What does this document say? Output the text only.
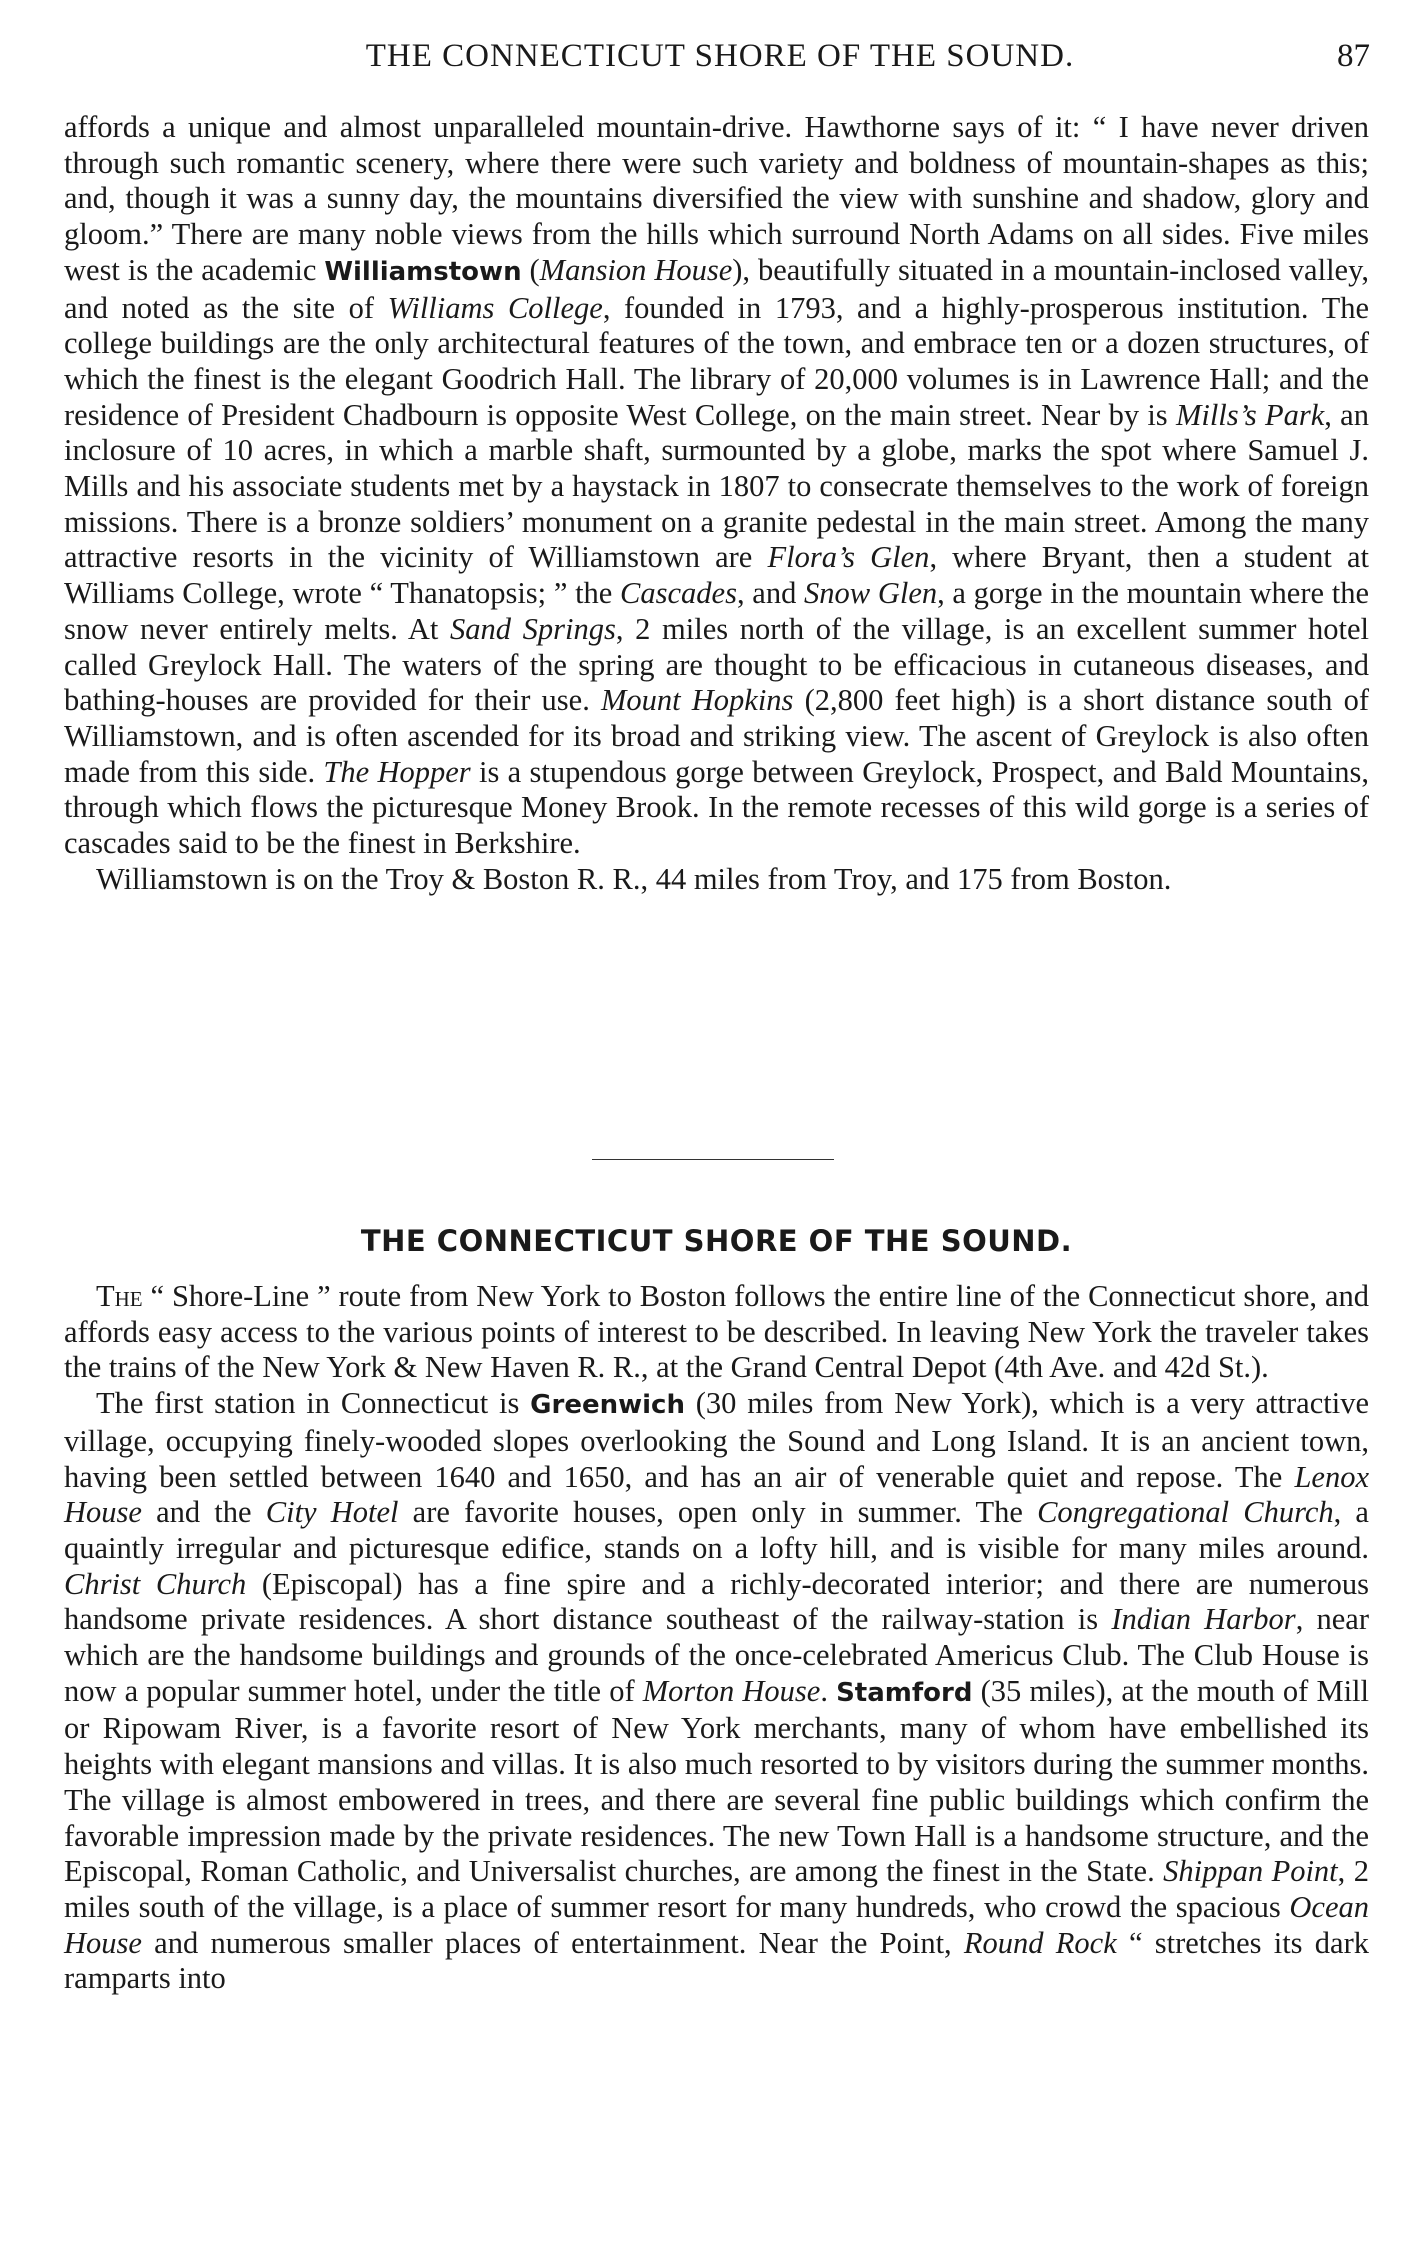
THE CONNECTICUT SHORE OF THE SOUND.	87

affords a unique and almost unparalleled mountain-drive. Hawthorne says of it: “ I have never driven through such romantic scenery, where there were such variety and boldness of mountain-shapes as this; and, though it was a sunny day, the mountains diversified the view with sunshine and shadow, glory and gloom.” There are many noble views from the hills which surround North Adams on all sides. Five miles west is the academic Williamstown (Mansion House), beautifully situated in a mountain-inclosed valley, and noted as the site of Williams College, founded in 1793, and a highly-prosperous institution. The college buildings are the only architectural features of the town, and embrace ten or a dozen structures, of which the finest is the elegant Goodrich Hall. The library of 20,000 volumes is in Lawrence Hall; and the residence of President Chadbourn is opposite West College, on the main street. Near by is Mills’s Park, an inclosure of 10 acres, in which a marble shaft, surmounted by a globe, marks the spot where Samuel J. Mills and his associate students met by a haystack in 1807 to consecrate themselves to the work of foreign missions. There is a bronze soldiers’ monument on a granite pedestal in the main street. Among the many attractive resorts in the vicinity of Williamstown are Flora’s Glen, where Bryant, then a student at Williams College, wrote “ Thanatopsis; ” the Cascades, and Snow Glen, a gorge in the mountain where the snow never entirely melts. At Sand Springs, 2 miles north of the village, is an excellent summer hotel called Greylock Hall. The waters of the spring are thought to be efficacious in cutaneous diseases, and bathing-houses are provided for their use. Mount Hopkins (2,800 feet high) is a short distance south of Williamstown, and is often ascended for its broad and striking view. The ascent of Greylock is also often made from this side. The Hopper is a stupendous gorge between Greylock, Prospect, and Bald Mountains, through which flows the picturesque Money Brook. In the remote recesses of this wild gorge is a series of cascades said to be the finest in Berkshire.

Williamstown is on the Troy & Boston R. R., 44 miles from Troy, and 175 from Boston.

THE CONNECTICUT SHORE OF THE SOUND.

The “ Shore-Line ” route from New York to Boston follows the entire line of the Connecticut shore, and affords easy access to the various points of interest to be described. In leaving New York the traveler takes the trains of the New York & New Haven R. R., at the Grand Central Depot (4th Ave. and 42d St.).

The first station in Connecticut is Greenwich (30 miles from New York), which is a very attractive village, occupying finely-wooded slopes overlooking the Sound and Long Island. It is an ancient town, having been settled between 1640 and 1650, and has an air of venerable quiet and repose. The Lenox House and the City Hotel are favorite houses, open only in summer. The Congregational Church, a quaintly irregular and picturesque edifice, stands on a lofty hill, and is visible for many miles around. Christ Church (Episcopal) has a fine spire and a richly-decorated interior; and there are numerous handsome private residences. A short distance southeast of the railway-station is Indian Harbor, near which are the handsome buildings and grounds of the once-celebrated Americus Club. The Club House is now a popular summer hotel, under the title of Morton House. Stamford (35 miles), at the mouth of Mill or Ripowam River, is a favorite resort of New York merchants, many of whom have embellished its heights with elegant mansions and villas. It is also much resorted to by visitors during the summer months. The village is almost embowered in trees, and there are several fine public buildings which confirm the favorable impression made by the private residences. The new Town Hall is a handsome structure, and the Episcopal, Roman Catholic, and Universalist churches, are among the finest in the State. Shippan Point, 2 miles south of the village, is a place of summer resort for many hundreds, who crowd the spacious Ocean House and numerous smaller places of entertainment. Near the Point, Round Rock “ stretches its dark ramparts into
